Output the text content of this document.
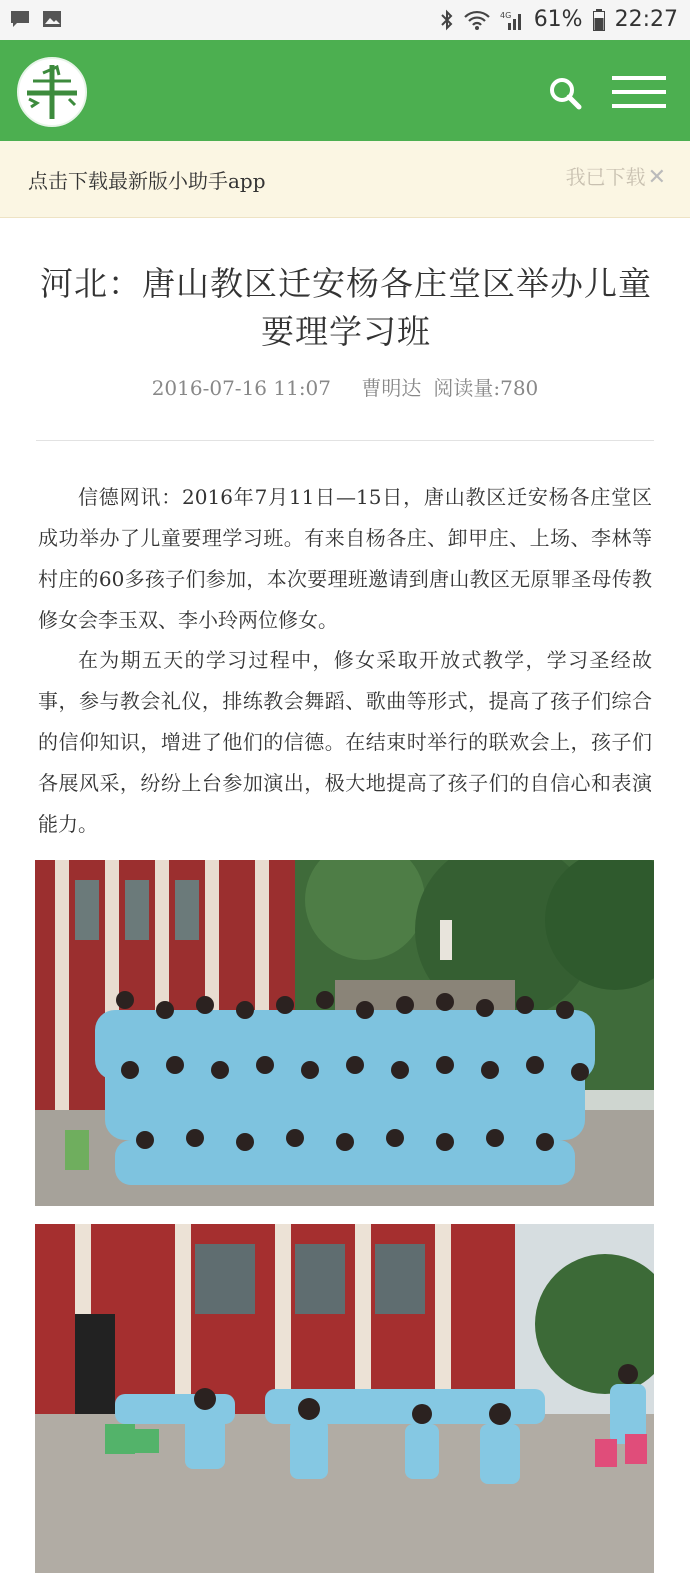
4G 61% 22:27
点击下载最新版小助手app	我已下载✕
河北：唐山教区迁安杨各庄堂区举办儿童要理学习班
2016-07-16 11:07 曹明达 阅读量:780

信德网讯：2016年7月11日—15日，唐山教区迁安杨各庄堂区成功举办了儿童要理学习班。有来自杨各庄、卸甲庄、上场、李林等村庄的60多孩子们参加，本次要理班邀请到唐山教区无原罪圣母传教修女会李玉双、李小玲两位修女。

在为期五天的学习过程中，修女采取开放式教学，学习圣经故事，参与教会礼仪，排练教会舞蹈、歌曲等形式，提高了孩子们综合的信仰知识，增进了他们的信德。在结束时举行的联欢会上，孩子们各展风采，纷纷上台参加演出，极大地提高了孩子们的自信心和表演能力。
